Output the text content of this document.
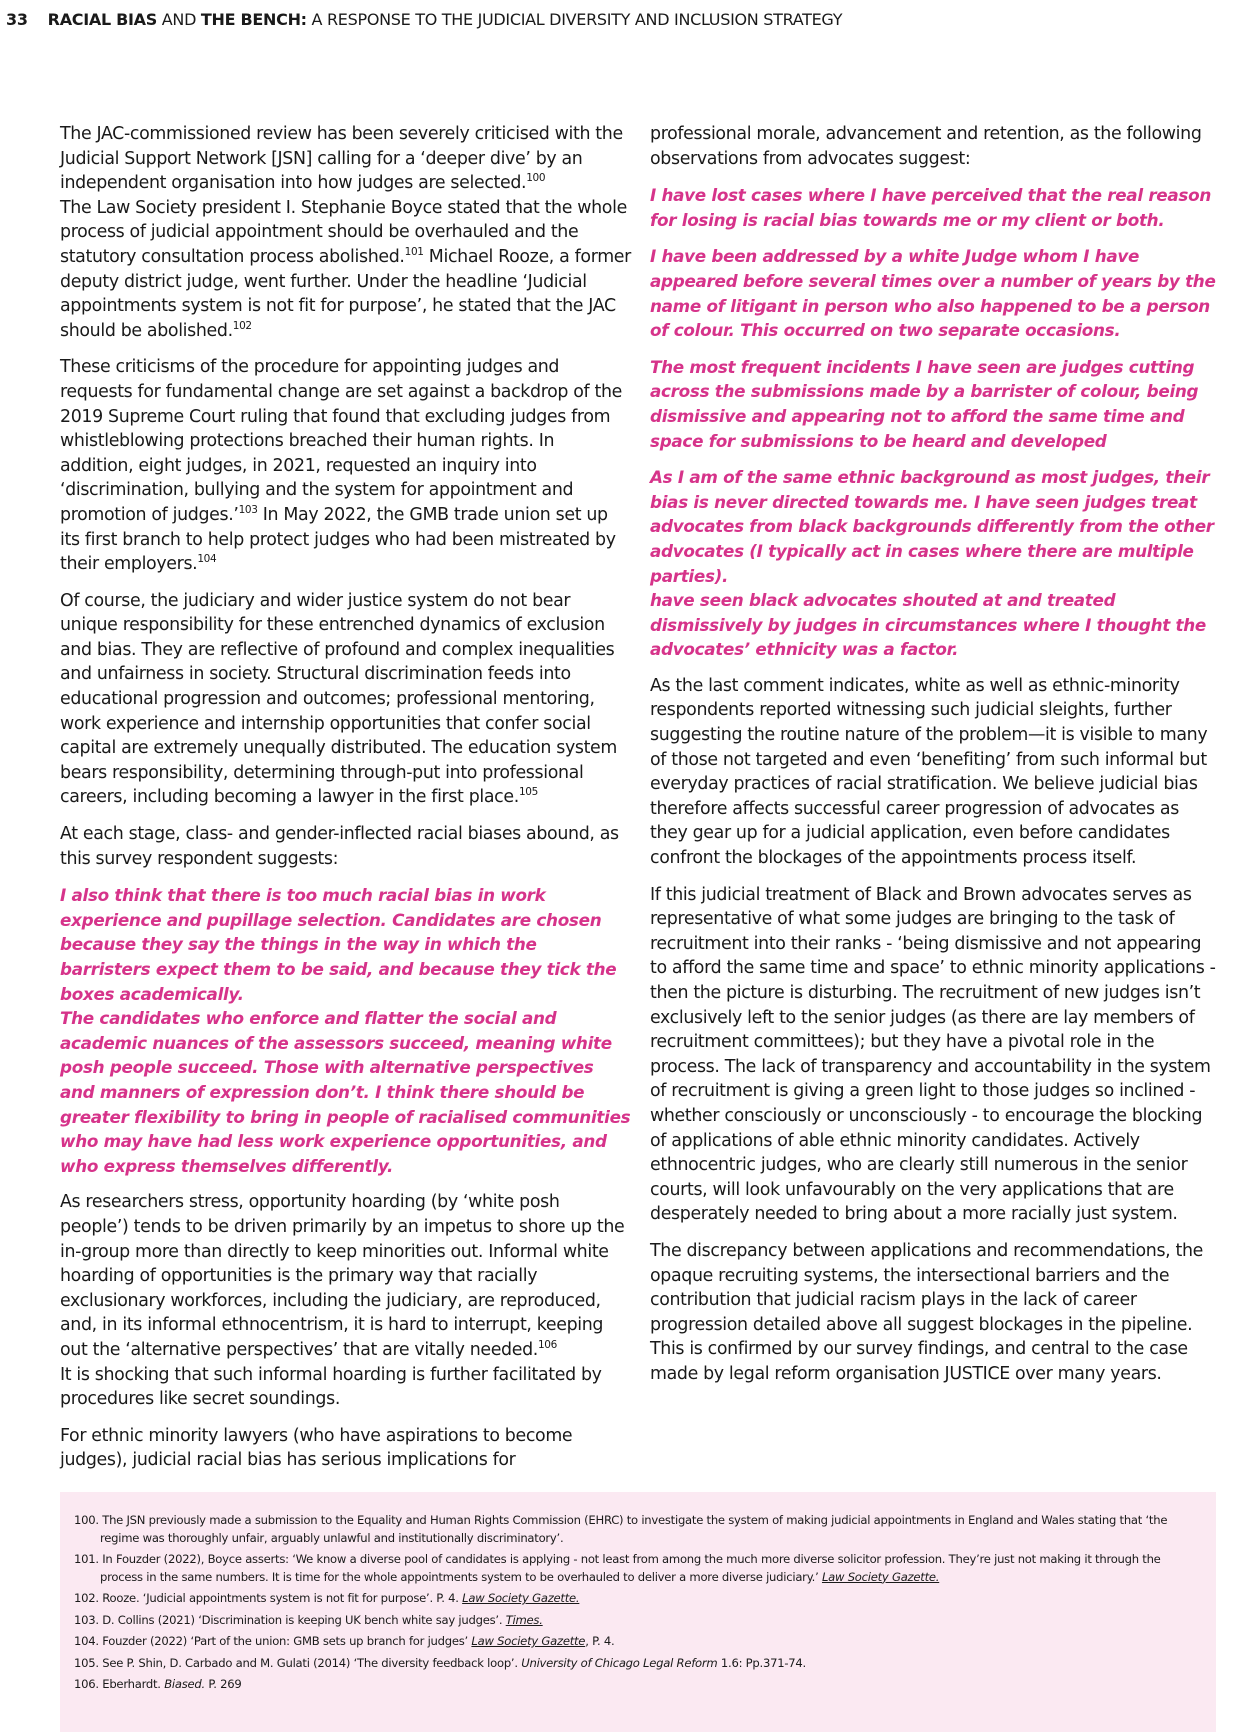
33 RACIAL BIAS AND THE BENCH: A RESPONSE TO THE JUDICIAL DIVERSITY AND INCLUSION STRATEGY

The JAC-commissioned review has been severely criticised with the Judicial Support Network [JSN] calling for a ‘deeper dive’ by an independent organisation into how judges are selected.$^{100}$
The Law Society president I. Stephanie Boyce stated that the whole process of judicial appointment should be overhauled and the statutory consultation process abolished.$^{101}$ Michael Rooze, a former deputy district judge, went further. Under the headline ‘Judicial appointments system is not fit for purpose’, he stated that the JAC should be abolished.$^{102}$

These criticisms of the procedure for appointing judges and requests for fundamental change are set against a backdrop of the 2019 Supreme Court ruling that found that excluding judges from whistleblowing protections breached their human rights. In addition, eight judges, in 2021, requested an inquiry into ‘discrimination, bullying and the system for appointment and promotion of judges.’$^{103}$ In May 2022, the GMB trade union set up its first branch to help protect judges who had been mistreated by their employers.$^{104}$

Of course, the judiciary and wider justice system do not bear unique responsibility for these entrenched dynamics of exclusion and bias. They are reflective of profound and complex inequalities and unfairness in society. Structural discrimination feeds into educational progression and outcomes; professional mentoring, work experience and internship opportunities that confer social capital are extremely unequally distributed. The education system bears responsibility, determining through-put into professional careers, including becoming a lawyer in the first place.$^{105}$

At each stage, class- and gender-inflected racial biases abound, as this survey respondent suggests:

I also think that there is too much racial bias in work experience and pupillage selection. Candidates are chosen because they say the things in the way in which the barristers expect them to be said, and because they tick the boxes academically.
The candidates who enforce and flatter the social and academic nuances of the assessors succeed, meaning white posh people succeed. Those with alternative perspectives and manners of expression don’t. I think there should be greater flexibility to bring in people of racialised communities who may have had less work experience opportunities, and who express themselves differently.

As researchers stress, opportunity hoarding (by ‘white posh people’) tends to be driven primarily by an impetus to shore up the in-group more than directly to keep minorities out. Informal white hoarding of opportunities is the primary way that racially exclusionary workforces, including the judiciary, are reproduced, and, in its informal ethnocentrism, it is hard to interrupt, keeping out the ‘alternative perspectives’ that are vitally needed.$^{106}$
It is shocking that such informal hoarding is further facilitated by procedures like secret soundings.

For ethnic minority lawyers (who have aspirations to become judges), judicial racial bias has serious implications for

professional morale, advancement and retention, as the following observations from advocates suggest:

I have lost cases where I have perceived that the real reason for losing is racial bias towards me or my client or both.

I have been addressed by a white Judge whom I have appeared before several times over a number of years by the name of litigant in person who also happened to be a person of colour. This occurred on two separate occasions.

The most frequent incidents I have seen are judges cutting across the submissions made by a barrister of colour, being dismissive and appearing not to afford the same time and space for submissions to be heard and developed

As I am of the same ethnic background as most judges, their bias is never directed towards me. I have seen judges treat advocates from black backgrounds differently from the other advocates (I typically act in cases where there are multiple parties).
have seen black advocates shouted at and treated dismissively by judges in circumstances where I thought the advocates’ ethnicity was a factor.

As the last comment indicates, white as well as ethnic-minority respondents reported witnessing such judicial sleights, further suggesting the routine nature of the problem—it is visible to many of those not targeted and even ‘benefiting’ from such informal but everyday practices of racial stratification. We believe judicial bias therefore affects successful career progression of advocates as they gear up for a judicial application, even before candidates confront the blockages of the appointments process itself.

If this judicial treatment of Black and Brown advocates serves as representative of what some judges are bringing to the task of recruitment into their ranks - ‘being dismissive and not appearing to afford the same time and space’ to ethnic minority applications - then the picture is disturbing. The recruitment of new judges isn’t exclusively left to the senior judges (as there are lay members of recruitment committees); but they have a pivotal role in the process. The lack of transparency and accountability in the system of recruitment is giving a green light to those judges so inclined - whether consciously or unconsciously - to encourage the blocking of applications of able ethnic minority candidates. Actively ethnocentric judges, who are clearly still numerous in the senior courts, will look unfavourably on the very applications that are desperately needed to bring about a more racially just system.

The discrepancy between applications and recommendations, the opaque recruiting systems, the intersectional barriers and the contribution that judicial racism plays in the lack of career progression detailed above all suggest blockages in the pipeline. This is confirmed by our survey findings, and central to the case made by legal reform organisation JUSTICE over many years.

100. The JSN previously made a submission to the Equality and Human Rights Commission (EHRC) to investigate the system of making judicial appointments in England and Wales stating that ‘the regime was thoroughly unfair, arguably unlawful and institutionally discriminatory’.
101. In Fouzder (2022), Boyce asserts: ‘We know a diverse pool of candidates is applying - not least from among the much more diverse solicitor profession. They’re just not making it through the process in the same numbers. It is time for the whole appointments system to be overhauled to deliver a more diverse judiciary.’ Law Society Gazette.
102. Rooze. ‘Judicial appointments system is not fit for purpose’. P. 4. Law Society Gazette.
103. D. Collins (2021) ‘Discrimination is keeping UK bench white say judges’. Times.
104. Fouzder (2022) ‘Part of the union: GMB sets up branch for judges’ Law Society Gazette, P. 4.
105. See P. Shin, D. Carbado and M. Gulati (2014) ‘The diversity feedback loop’. University of Chicago Legal Reform 1.6: Pp.371-74.
106. Eberhardt. Biased. P. 269
